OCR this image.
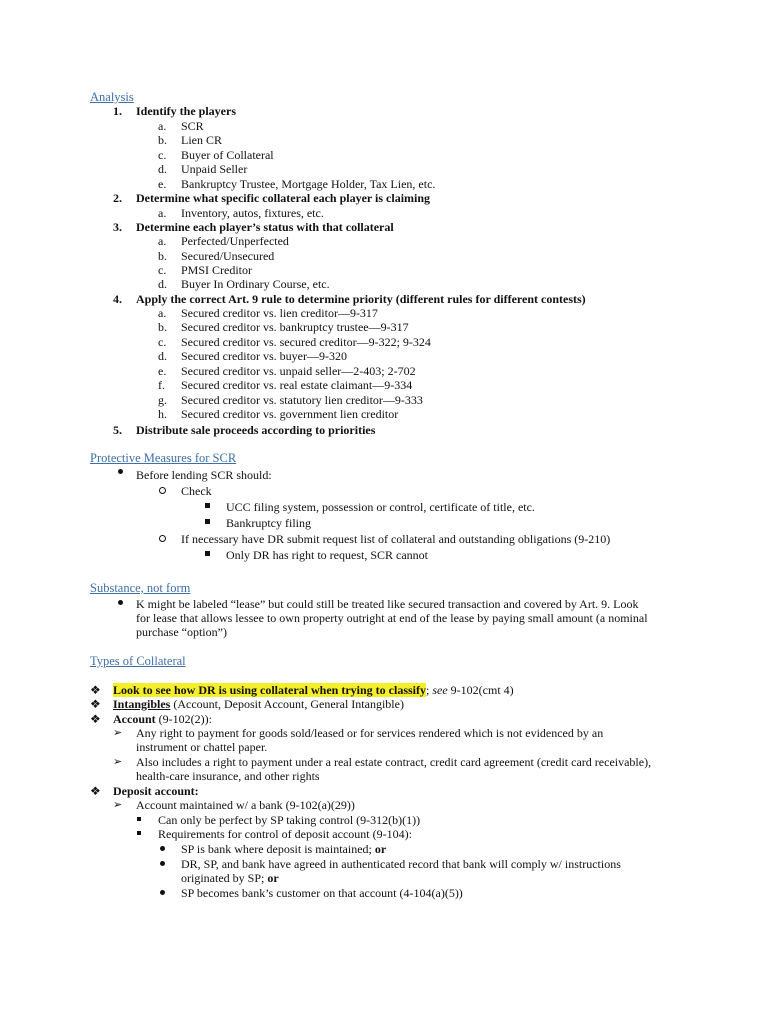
Analysis
1. Identify the players
a. SCR
b. Lien CR
c. Buyer of Collateral
d. Unpaid Seller
e. Bankruptcy Trustee, Mortgage Holder, Tax Lien, etc.
2. Determine what specific collateral each player is claiming
a. Inventory, autos, fixtures, etc.
3. Determine each player’s status with that collateral
a. Perfected/Unperfected
b. Secured/Unsecured
c. PMSI Creditor
d. Buyer In Ordinary Course, etc.
4. Apply the correct Art. 9 rule to determine priority (different rules for different contests)
a. Secured creditor vs. lien creditor—9-317
b. Secured creditor vs. bankruptcy trustee—9-317
c. Secured creditor vs. secured creditor—9-322; 9-324
d. Secured creditor vs. buyer—9-320
e. Secured creditor vs. unpaid seller—2-403; 2-702
f. Secured creditor vs. real estate claimant—9-334
g. Secured creditor vs. statutory lien creditor—9-333
h. Secured creditor vs. government lien creditor
5. Distribute sale proceeds according to priorities
Protective Measures for SCR
Before lending SCR should:
Check
UCC filing system, possession or control, certificate of title, etc.
Bankruptcy filing
If necessary have DR submit request list of collateral and outstanding obligations (9-210)
Only DR has right to request, SCR cannot
Substance, not form
K might be labeled “lease” but could still be treated like secured transaction and covered by Art. 9. Look
for lease that allows lessee to own property outright at end of the lease by paying small amount (a nominal
purchase “option”)
Types of Collateral
❖ Look to see how DR is using collateral when trying to classify; see 9-102(cmt 4)
❖ Intangibles (Account, Deposit Account, General Intangible)
❖ Account (9-102(2)):
➢ Any right to payment for goods sold/leased or for services rendered which is not evidenced by an
instrument or chattel paper.
➢ Also includes a right to payment under a real estate contract, credit card agreement (credit card receivable),
health-care insurance, and other rights
❖ Deposit account:
➢ Account maintained w/ a bank (9-102(a)(29))
Can only be perfect by SP taking control (9-312(b)(1))
Requirements for control of deposit account (9-104):
SP is bank where deposit is maintained; or
DR, SP, and bank have agreed in authenticated record that bank will comply w/ instructions
originated by SP; or
SP becomes bank’s customer on that account (4-104(a)(5))
